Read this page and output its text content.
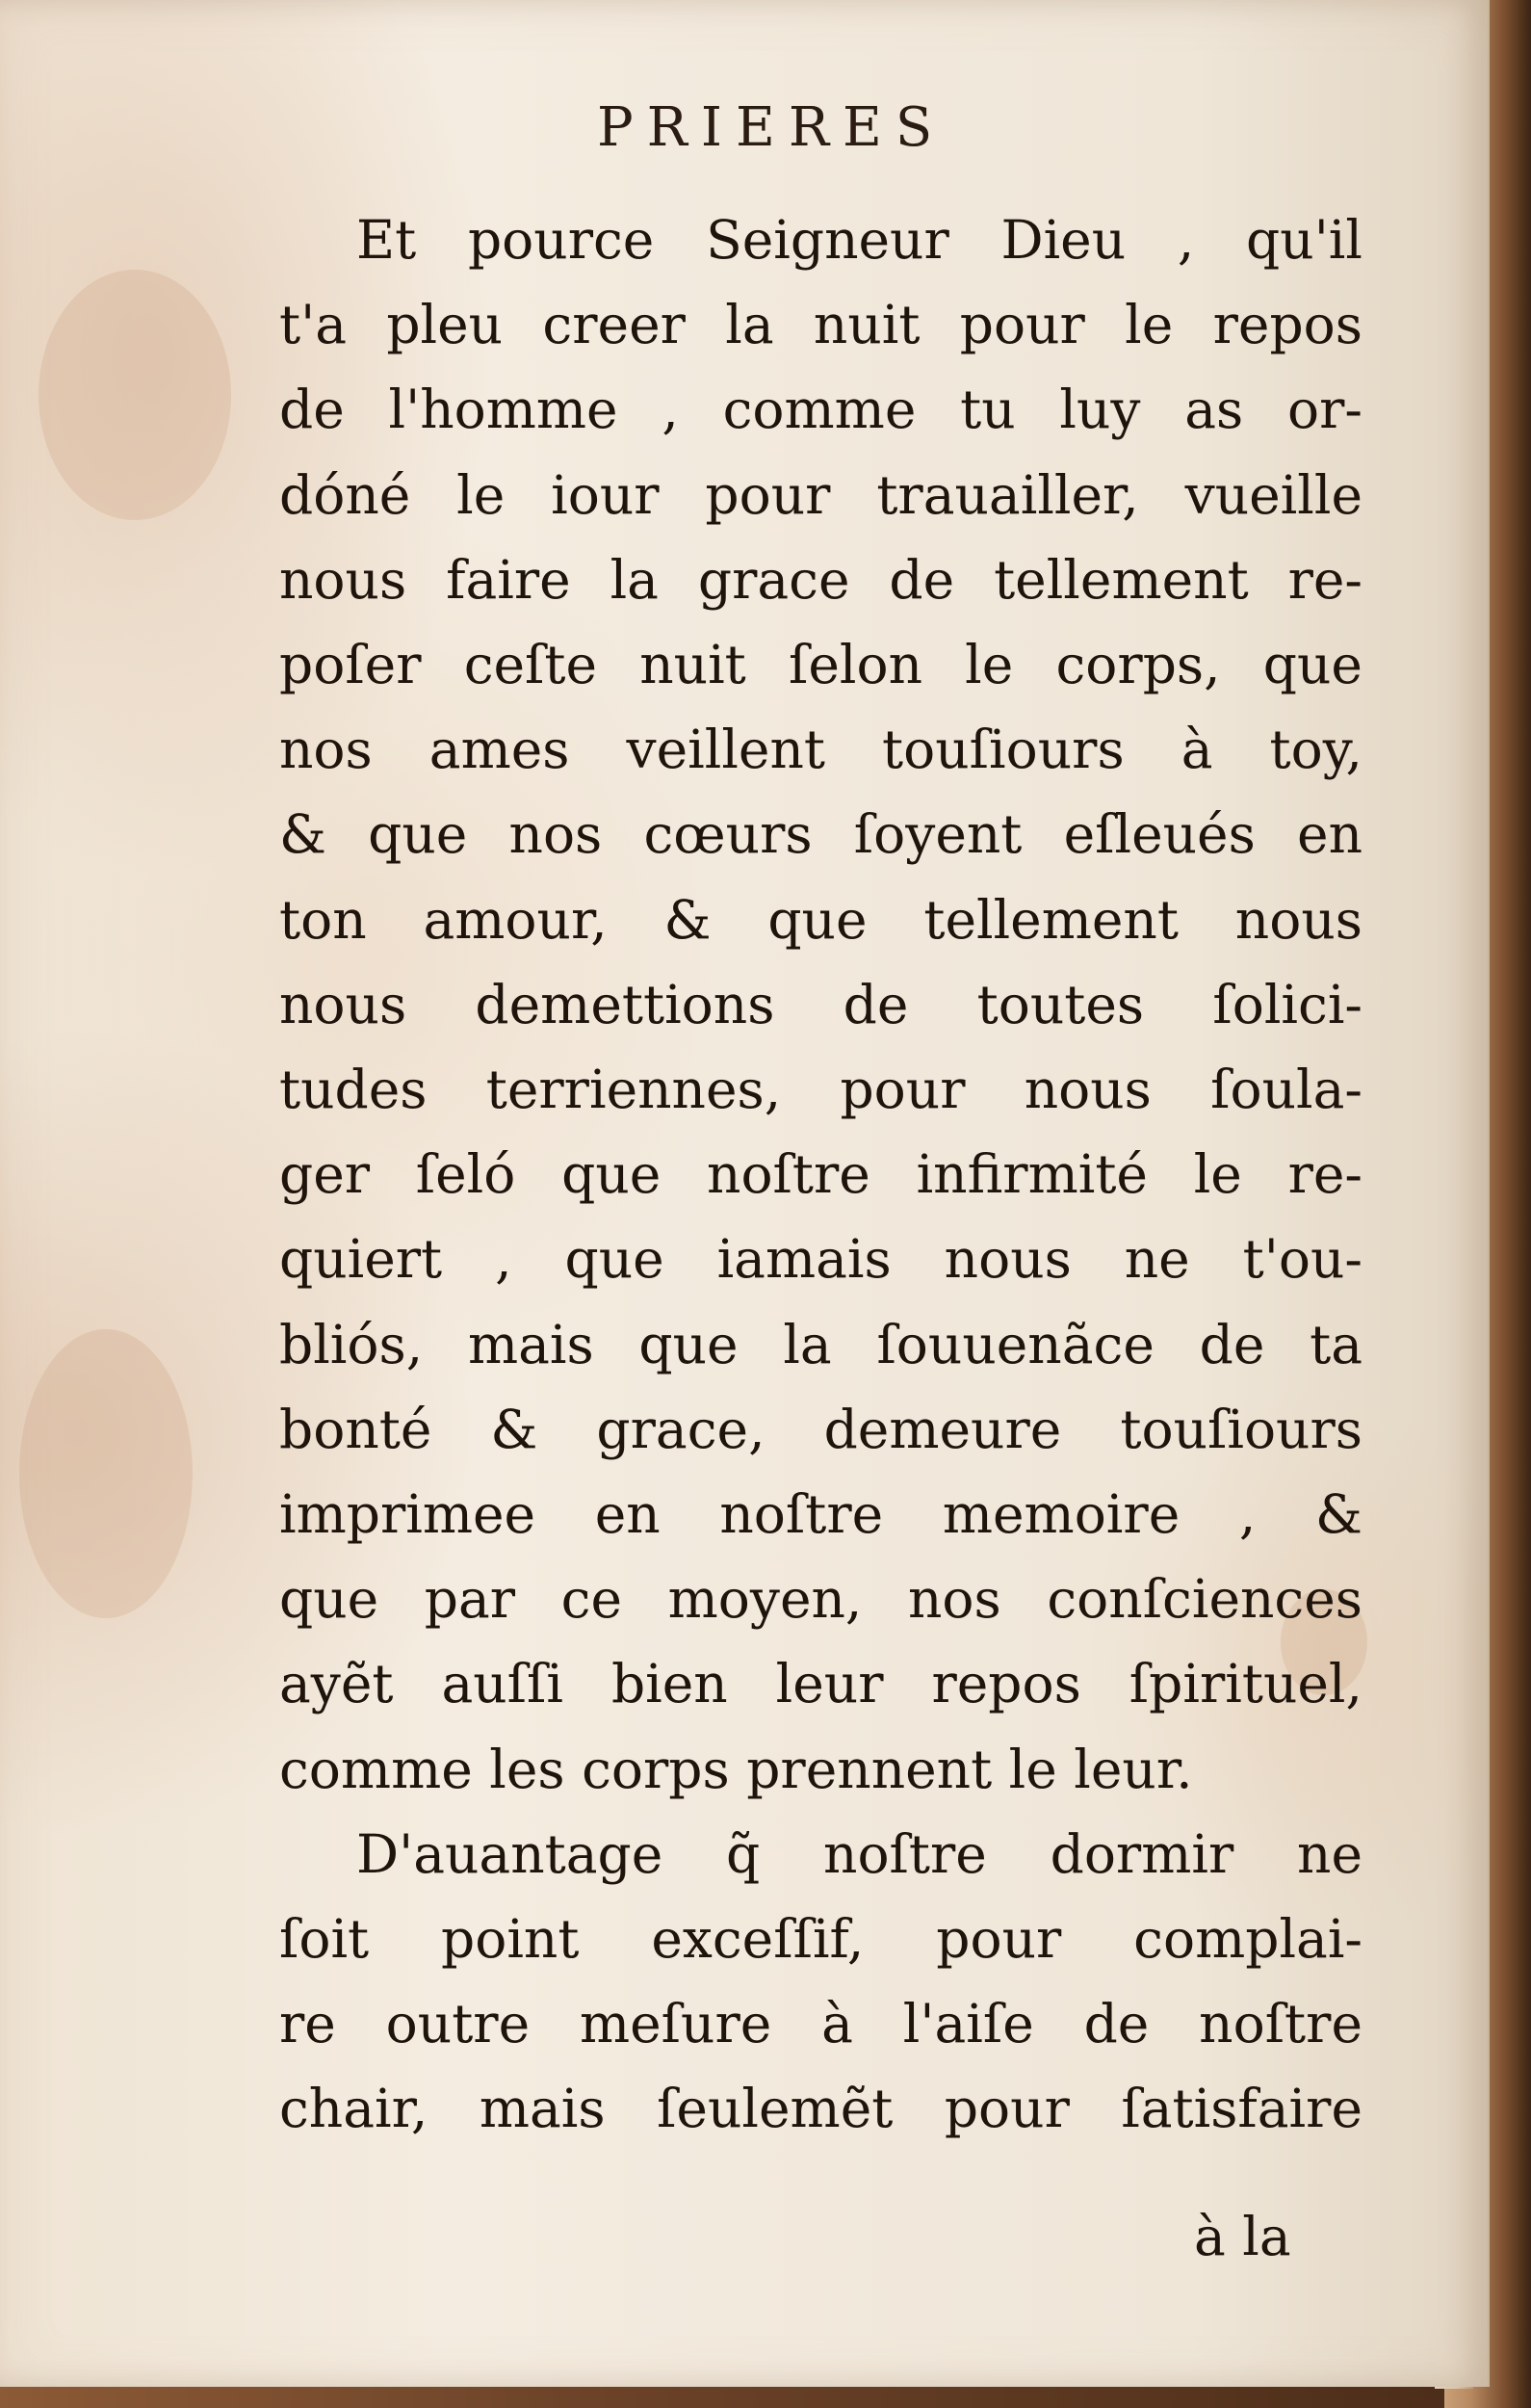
PRIERES
Et pource Seigneur Dieu , qu'il
t'a pleu creer la nuit pour le repos
de l'homme , comme tu luy as or-
dóné le iour pour trauailler, vueille
nous faire la grace de tellement re-
poſer ceſte nuit ſelon le corps, que
nos ames veillent touſiours à toy,
& que nos cœurs ſoyent eſleués en
ton amour, & que tellement nous
nous demettions de toutes ſolici-
tudes terriennes, pour nous ſoula-
ger ſeló que noſtre infirmité le re-
quiert , que iamais nous ne t'ou-
bliós, mais que la ſouuenãce de ta
bonté & grace, demeure touſiours
imprimee en noſtre memoire , &
que par ce moyen, nos conſciences
ayẽt auſſi bien leur repos ſpirituel,
comme les corps prennent le leur.
D'auantage q̃ noſtre dormir ne
ſoit point exceſſif, pour complai-
re outre meſure à l'aiſe de noſtre
chair, mais ſeulemẽt pour ſatisfaire
à la
